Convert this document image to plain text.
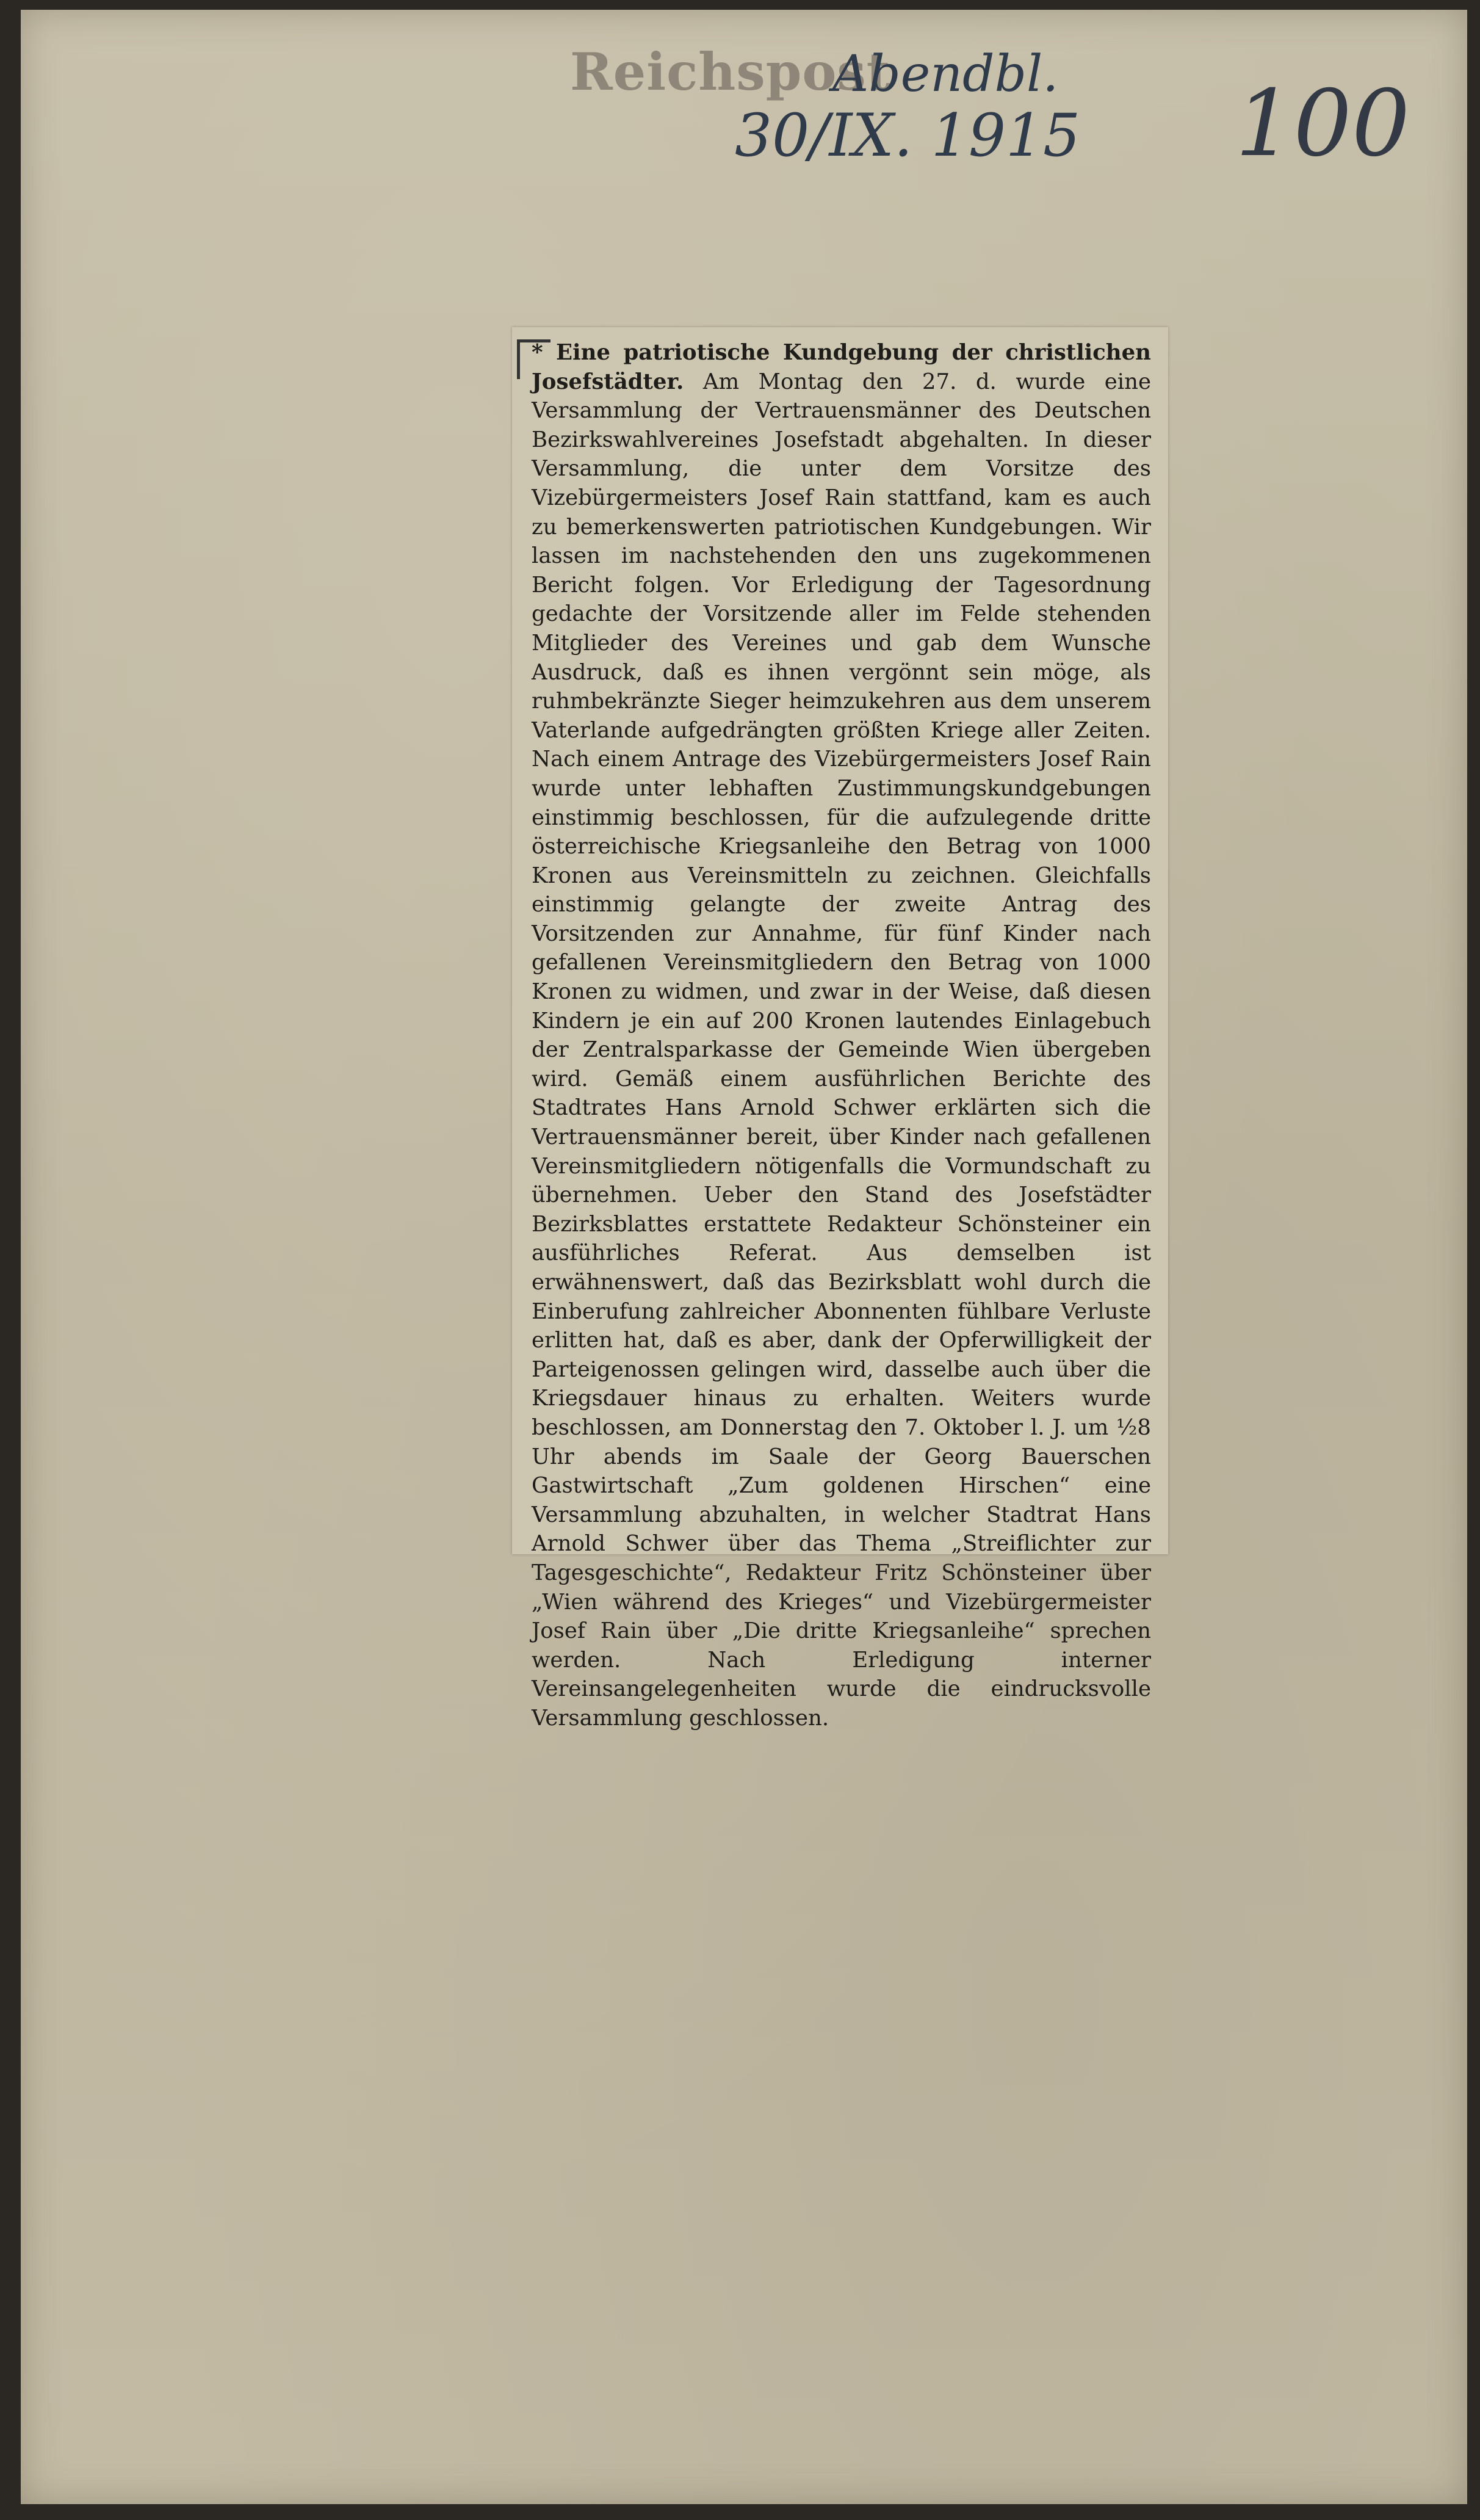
Reichspost
Abendbl.
30/IX. 1915 100
* Eine patriotische Kundgebung der christlichen Josefstädter. Am Montag den 27. d. wurde eine Versammlung der Vertrauensmänner des Deutschen Bezirkswahlvereines Josefstadt abgehalten. In dieser Versammlung, die unter dem Vorsitze des Vizebürgermeisters Josef Rain stattfand, kam es auch zu bemerkenswerten patriotischen Kundgebungen. Wir lassen im nachstehenden den uns zugekommenen Bericht folgen. Vor Erledigung der Tagesordnung gedachte der Vorsitzende aller im Felde stehenden Mitglieder des Vereines und gab dem Wunsche Ausdruck, daß es ihnen vergönnt sein möge, als ruhmbekränzte Sieger heimzukehren aus dem unserem Vaterlande aufgedrängten größten Kriege aller Zeiten. Nach einem Antrage des Vizebürgermeisters Josef Rain wurde unter lebhaften Zustimmungskundgebungen einstimmig beschlossen, für die aufzulegende dritte österreichische Kriegsanleihe den Betrag von 1000 Kronen aus Vereinsmitteln zu zeichnen. Gleichfalls einstimmig gelangte der zweite Antrag des Vorsitzenden zur Annahme, für fünf Kinder nach gefallenen Vereinsmitgliedern den Betrag von 1000 Kronen zu widmen, und zwar in der Weise, daß diesen Kindern je ein auf 200 Kronen lautendes Einlagebuch der Zentralsparkasse der Gemeinde Wien übergeben wird. Gemäß einem ausführlichen Berichte des Stadtrates Hans Arnold Schwer erklärten sich die Vertrauensmänner bereit, über Kinder nach gefallenen Vereinsmitgliedern nötigenfalls die Vormundschaft zu übernehmen. Ueber den Stand des Josefstädter Bezirksblattes erstattete Redakteur Schönsteiner ein ausführliches Referat. Aus demselben ist erwähnenswert, daß das Bezirksblatt wohl durch die Einberufung zahlreicher Abonnenten fühlbare Verluste erlitten hat, daß es aber, dank der Opferwilligkeit der Parteigenossen gelingen wird, dasselbe auch über die Kriegsdauer hinaus zu erhalten. Weiters wurde beschlossen, am Donnerstag den 7. Oktober l. J. um ½8 Uhr abends im Saale der Georg Bauerschen Gastwirtschaft „Zum goldenen Hirschen“ eine Versammlung abzuhalten, in welcher Stadtrat Hans Arnold Schwer über das Thema „Streiflichter zur Tagesgeschichte“, Redakteur Fritz Schönsteiner über „Wien während des Krieges“ und Vizebürgermeister Josef Rain über „Die dritte Kriegsanleihe“ sprechen werden. Nach Erledigung interner Vereinsangelegenheiten wurde die eindrucksvolle Versammlung geschlossen.
